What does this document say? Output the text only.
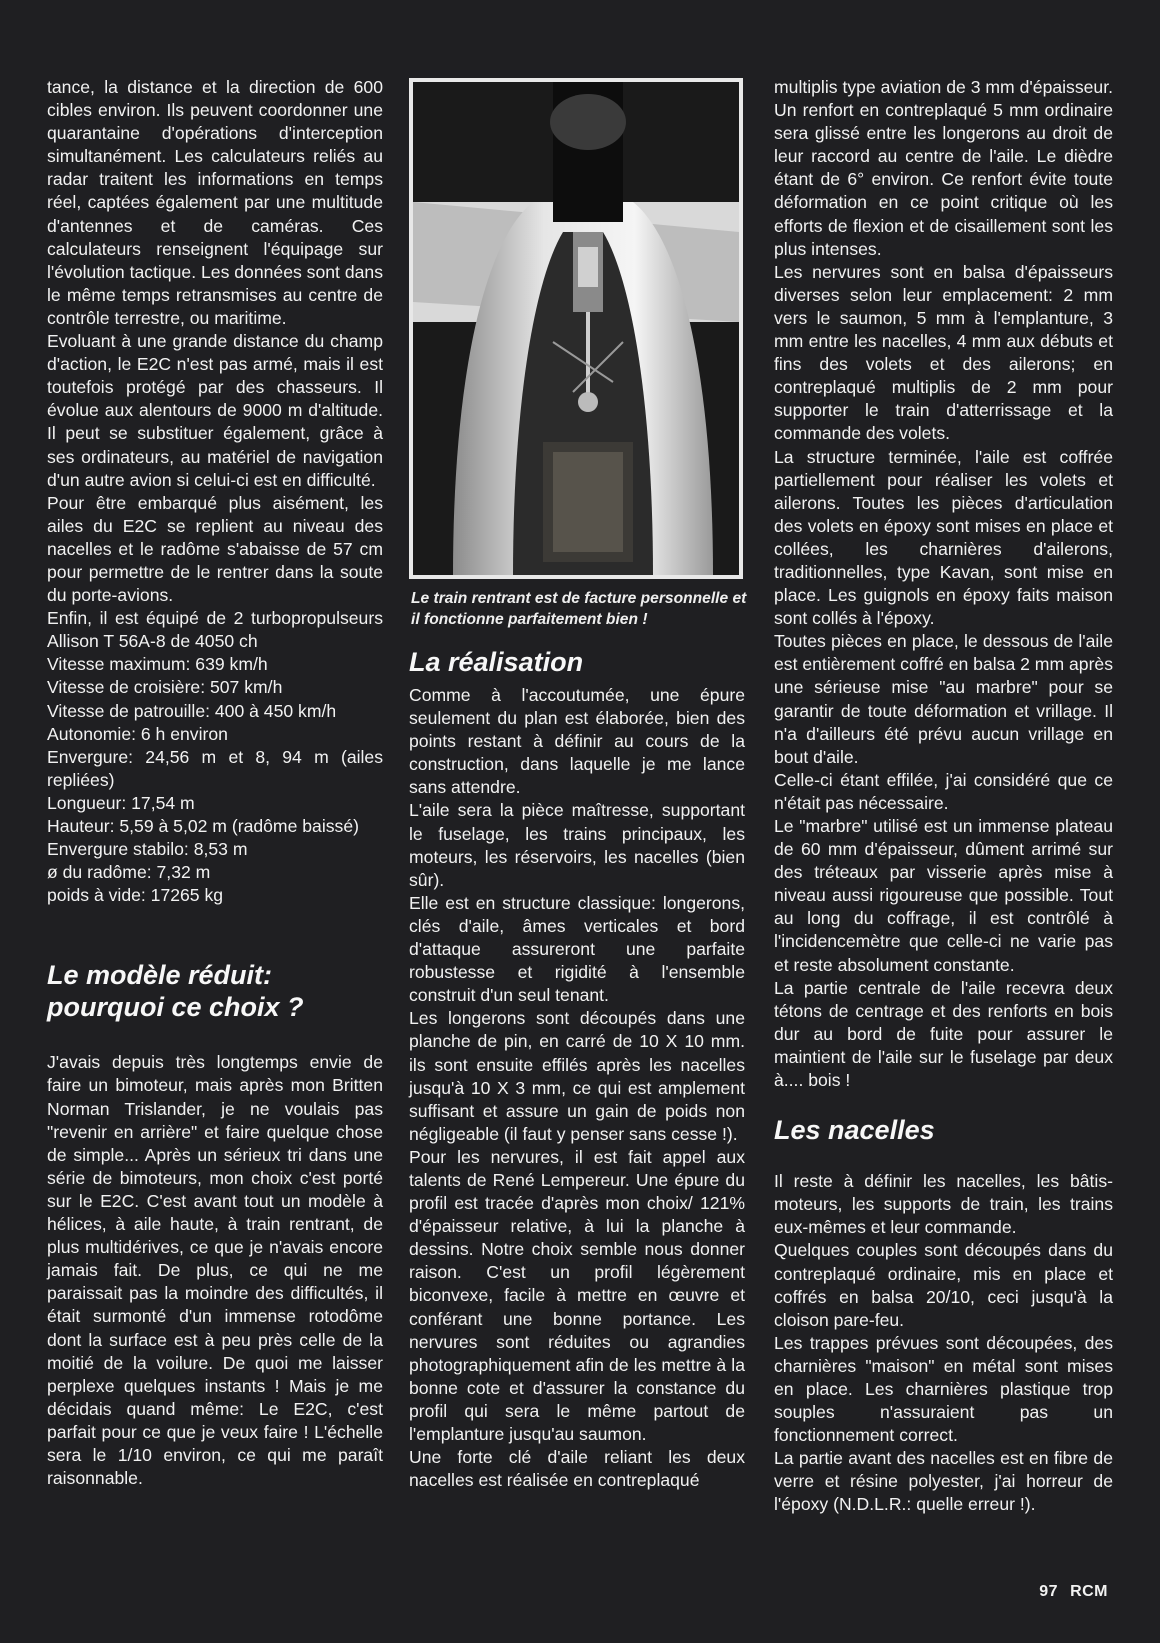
tance, la distance et la direction de 600 cibles environ. Ils peuvent coordonner une quarantaine d'opérations d'interception simultanément. Les calculateurs reliés au radar traitent les informations en temps réel, captées également par une multitude d'antennes et de caméras. Ces calculateurs renseignent l'équipage sur l'évolution tactique. Les données sont dans le même temps retransmises au centre de contrôle terrestre, ou maritime.

Evoluant à une grande distance du champ d'action, le E2C n'est pas armé, mais il est toutefois protégé par des chasseurs. Il évolue aux alentours de 9000 m d'altitude. Il peut se substituer également, grâce à ses ordinateurs, au matériel de navigation d'un autre avion si celui-ci est en difficulté.

Pour être embarqué plus aisément, les ailes du E2C se replient au niveau des nacelles et le radôme s'abaisse de 57 cm pour permettre de le rentrer dans la soute du porte-avions.

Enfin, il est équipé de 2 turbopropulseurs Allison T 56A-8 de 4050 ch

Vitesse maximum: 639 km/h

Vitesse de croisière: 507 km/h

Vitesse de patrouille: 400 à 450 km/h

Autonomie: 6 h environ

Envergure: 24,56 m et 8, 94 m (ailes repliées)

Longueur: 17,54 m

Hauteur: 5,59 à 5,02 m (radôme baissé)

Envergure stabilo: 8,53 m

ø du radôme: 7,32 m

poids à vide: 17265 kg

Le modèle réduit:
pourquoi ce choix ?

J'avais depuis très longtemps envie de faire un bimoteur, mais après mon Britten Norman Trislander, je ne voulais pas "revenir en arrière" et faire quelque chose de simple... Après un sérieux tri dans une série de bimoteurs, mon choix c'est porté sur le E2C. C'est avant tout un modèle à hélices, à aile haute, à train rentrant, de plus multidérives, ce que je n'avais encore jamais fait. De plus, ce qui ne me paraissait pas la moindre des difficultés, il était surmonté d'un immense rotodôme dont la surface est à peu près celle de la moitié de la voilure. De quoi me laisser perplexe quelques instants ! Mais je me décidais quand même: Le E2C, c'est parfait pour ce que je veux faire ! L'échelle sera le 1/10 environ, ce qui me paraît raisonnable.

Le train rentrant est de facture personnelle et il fonctionne parfaitement bien !
La réalisation

Comme à l'accoutumée, une épure seulement du plan est élaborée, bien des points restant à définir au cours de la construction, dans laquelle je me lance sans attendre.

L'aile sera la pièce maîtresse, supportant le fuselage, les trains principaux, les moteurs, les réservoirs, les nacelles (bien sûr).

Elle est en structure classique: longerons, clés d'aile, âmes verticales et bord d'attaque assureront une parfaite robustesse et rigidité à l'ensemble construit d'un seul tenant.

Les longerons sont découpés dans une planche de pin, en carré de 10 X 10 mm. ils sont ensuite effilés après les nacelles jusqu'à 10 X 3 mm, ce qui est amplement suffisant et assure un gain de poids non négligeable (il faut y penser sans cesse !).

Pour les nervures, il est fait appel aux talents de René Lempereur. Une épure du profil est tracée d'après mon choix/ 121% d'épaisseur relative, à lui la planche à dessins. Notre choix semble nous donner raison. C'est un profil légèrement biconvexe, facile à mettre en œuvre et conférant une bonne portance. Les nervures sont réduites ou agrandies photographiquement afin de les mettre à la bonne cote et d'assurer la constance du profil qui sera le même partout de l'emplanture jusqu'au saumon.

Une forte clé d'aile reliant les deux nacelles est réalisée en contreplaqué

multiplis type aviation de 3 mm d'épaisseur. Un renfort en contreplaqué 5 mm ordinaire sera glissé entre les longerons au droit de leur raccord au centre de l'aile. Le dièdre étant de 6° environ. Ce renfort évite toute déformation en ce point critique où les efforts de flexion et de cisaillement sont les plus intenses.

Les nervures sont en balsa d'épaisseurs diverses selon leur emplacement: 2 mm vers le saumon, 5 mm à l'emplanture, 3 mm entre les nacelles, 4 mm aux débuts et fins des volets et des ailerons; en contreplaqué multiplis de 2 mm pour supporter le train d'atterrissage et la commande des volets.

La structure terminée, l'aile est coffrée partiellement pour réaliser les volets et ailerons. Toutes les pièces d'articulation des volets en époxy sont mises en place et collées, les charnières d'ailerons, traditionnelles, type Kavan, sont mise en place. Les guignols en époxy faits maison sont collés à l'époxy.

Toutes pièces en place, le dessous de l'aile est entièrement coffré en balsa 2 mm après une sérieuse mise "au marbre" pour se garantir de toute déformation et vrillage. Il n'a d'ailleurs été prévu aucun vrillage en bout d'aile.

Celle-ci étant effilée, j'ai considéré que ce n'était pas nécessaire.

Le "marbre" utilisé est un immense plateau de 60 mm d'épaisseur, dûment arrimé sur des tréteaux par visserie après mise à niveau aussi rigoureuse que possible. Tout au long du coffrage, il est contrôlé à l'incidencemètre que celle-ci ne varie pas et reste absolument constante.

La partie centrale de l'aile recevra deux tétons de centrage et des renforts en bois dur au bord de fuite pour assurer le maintient de l'aile sur le fuselage par deux à.... bois !

Les nacelles

Il reste à définir les nacelles, les bâtis-moteurs, les supports de train, les trains eux-mêmes et leur commande.

Quelques couples sont découpés dans du contreplaqué ordinaire, mis en place et coffrés en balsa 20/10, ceci jusqu'à la cloison pare-feu.

Les trappes prévues sont découpées, des charnières "maison" en métal sont mises en place. Les charnières plastique trop souples n'assuraient pas un fonctionnement correct.

La partie avant des nacelles est en fibre de verre et résine polyester, j'ai horreur de l'époxy (N.D.L.R.: quelle erreur !).

97 RCM
